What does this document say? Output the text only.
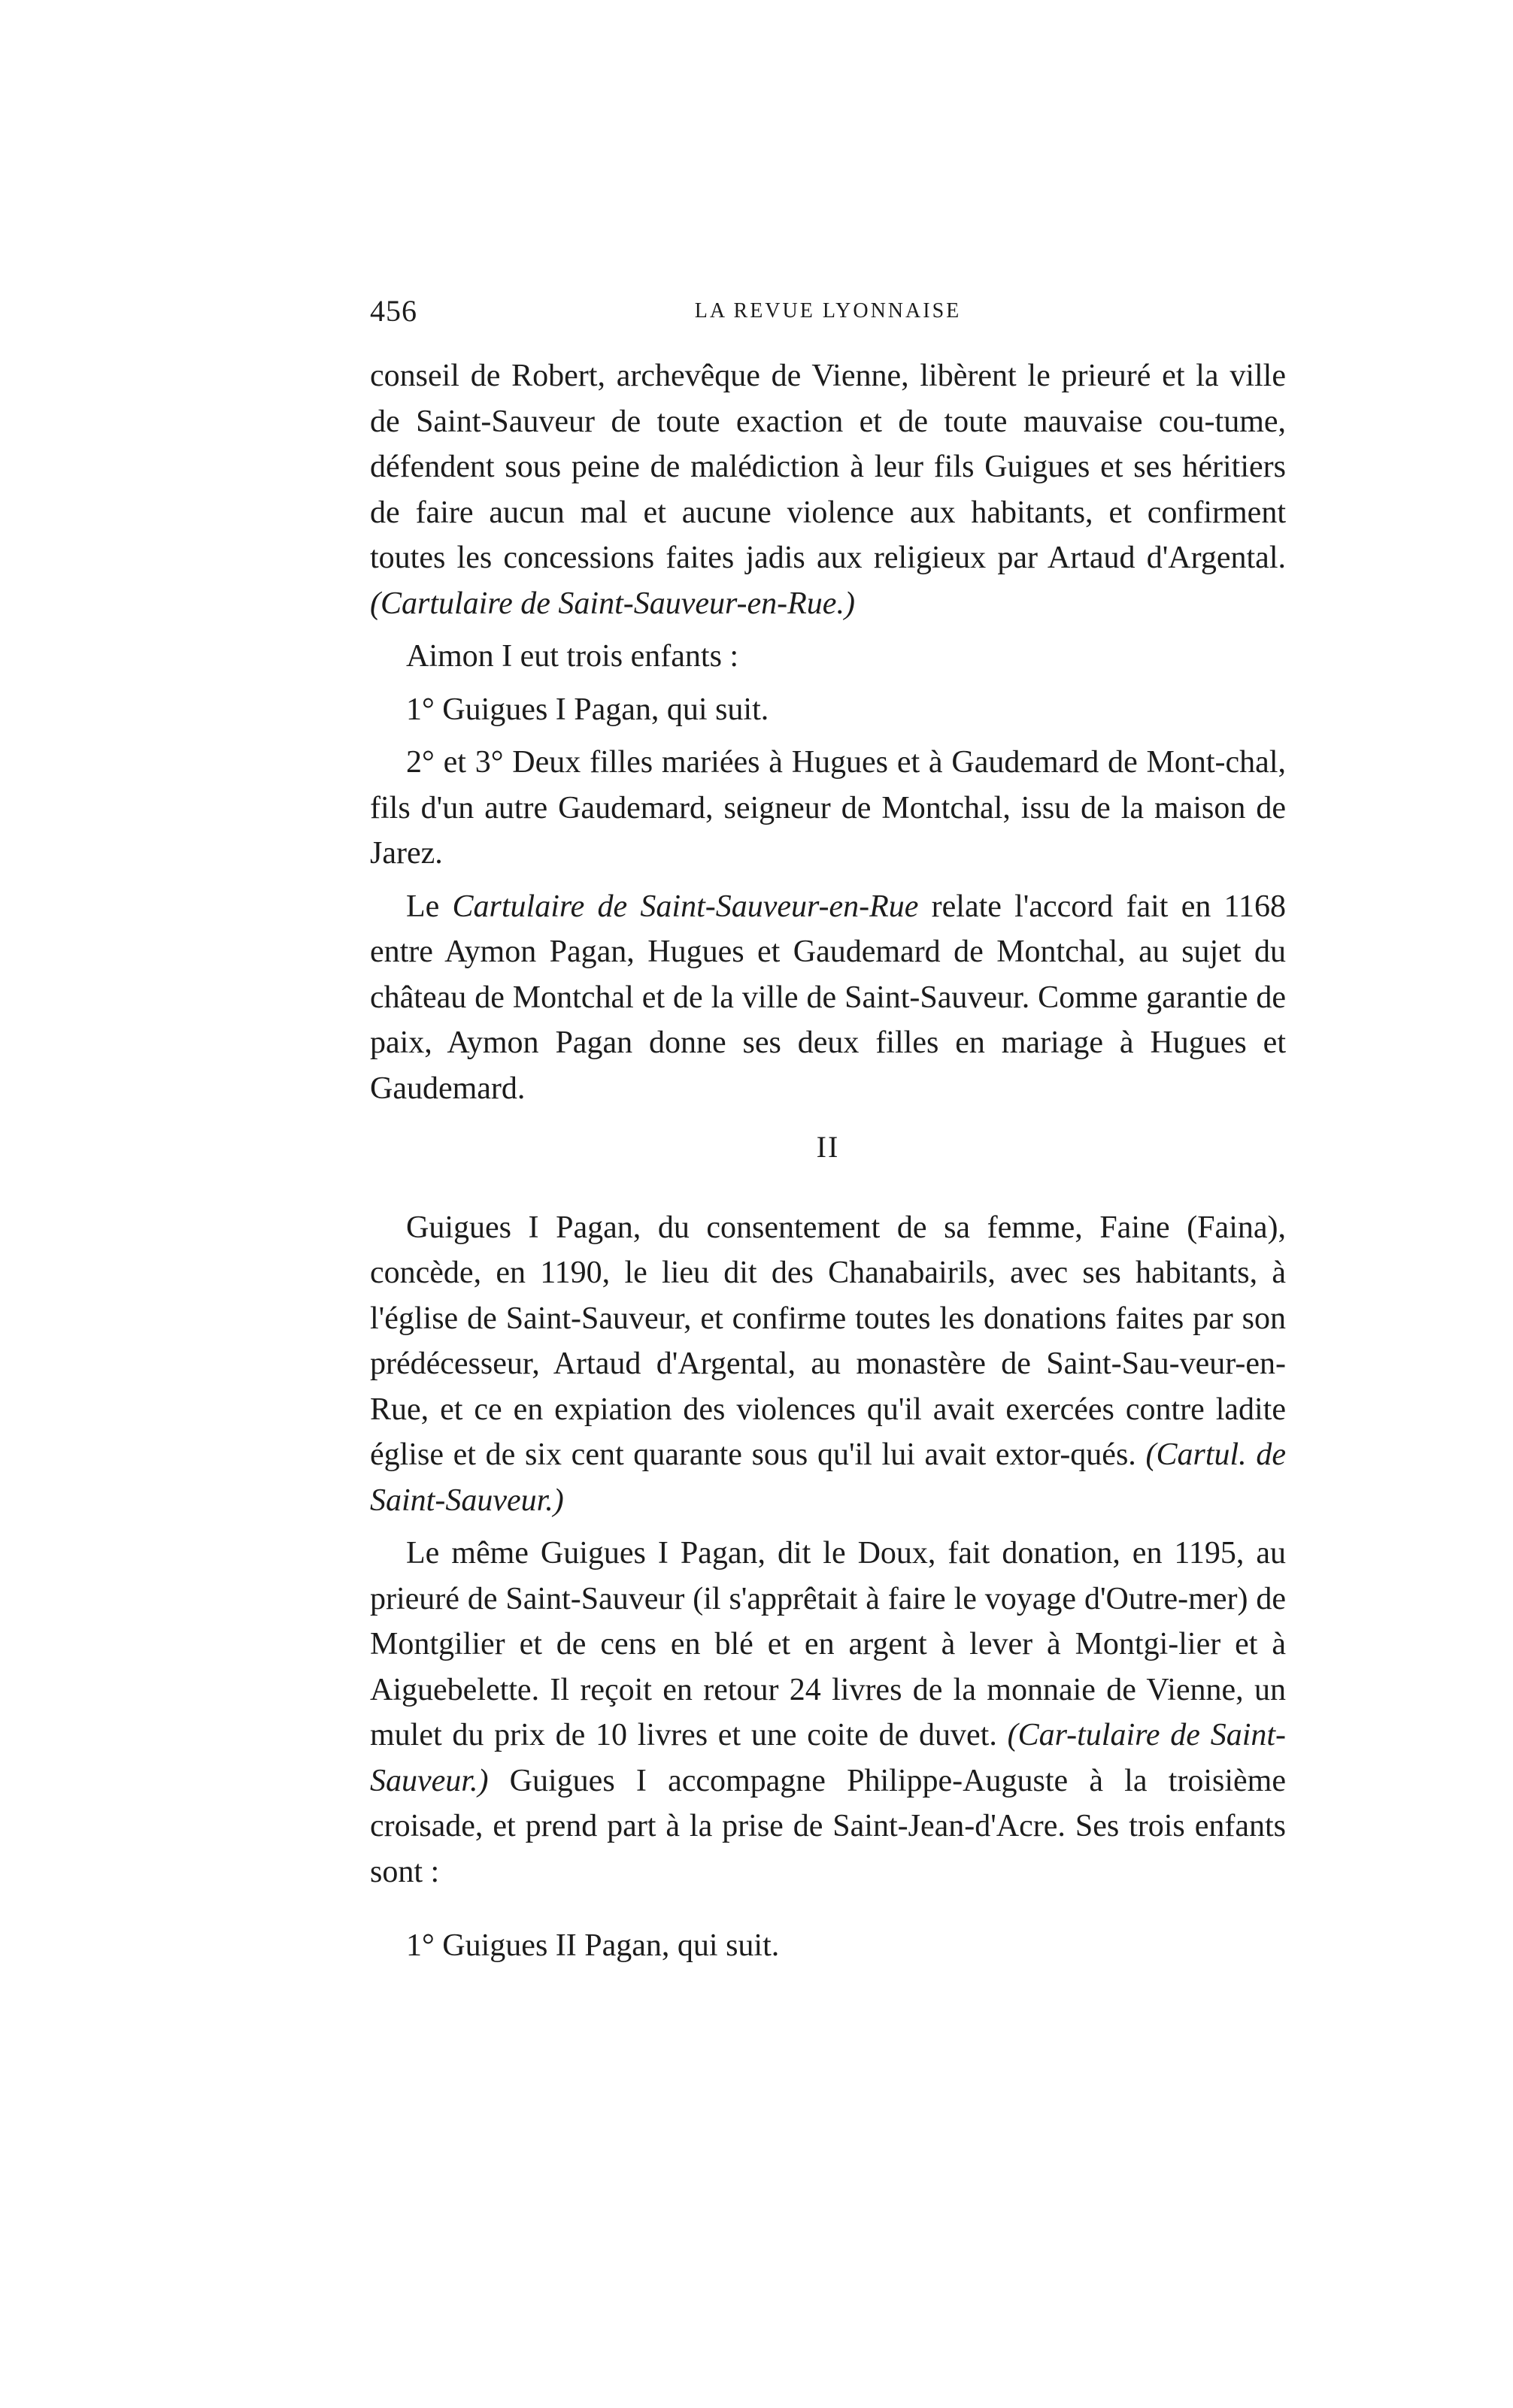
456	LA REVUE LYONNAISE

conseil de Robert, archevêque de Vienne, libèrent le prieuré et la ville de Saint-Sauveur de toute exaction et de toute mauvaise cou-tume, défendent sous peine de malédiction à leur fils Guigues et ses héritiers de faire aucun mal et aucune violence aux habitants, et confirment toutes les concessions faites jadis aux religieux par Artaud d'Argental. (Cartulaire de Saint-Sauveur-en-Rue.)

Aimon I eut trois enfants :

1° Guigues I Pagan, qui suit.

2° et 3° Deux filles mariées à Hugues et à Gaudemard de Mont-chal, fils d'un autre Gaudemard, seigneur de Montchal, issu de la maison de Jarez.

Le Cartulaire de Saint-Sauveur-en-Rue relate l'accord fait en 1168 entre Aymon Pagan, Hugues et Gaudemard de Montchal, au sujet du château de Montchal et de la ville de Saint-Sauveur. Comme garantie de paix, Aymon Pagan donne ses deux filles en mariage à Hugues et Gaudemard.

II

Guigues I Pagan, du consentement de sa femme, Faine (Faina), concède, en 1190, le lieu dit des Chanabairils, avec ses habitants, à l'église de Saint-Sauveur, et confirme toutes les donations faites par son prédécesseur, Artaud d'Argental, au monastère de Saint-Sau-veur-en-Rue, et ce en expiation des violences qu'il avait exercées contre ladite église et de six cent quarante sous qu'il lui avait extor-qués. (Cartul. de Saint-Sauveur.)

Le même Guigues I Pagan, dit le Doux, fait donation, en 1195, au prieuré de Saint-Sauveur (il s'apprêtait à faire le voyage d'Outre-mer) de Montgilier et de cens en blé et en argent à lever à Montgi-lier et à Aiguebelette. Il reçoit en retour 24 livres de la monnaie de Vienne, un mulet du prix de 10 livres et une coite de duvet. (Car-tulaire de Saint-Sauveur.) Guigues I accompagne Philippe-Auguste à la troisième croisade, et prend part à la prise de Saint-Jean-d'Acre. Ses trois enfants sont :

1° Guigues II Pagan, qui suit.
